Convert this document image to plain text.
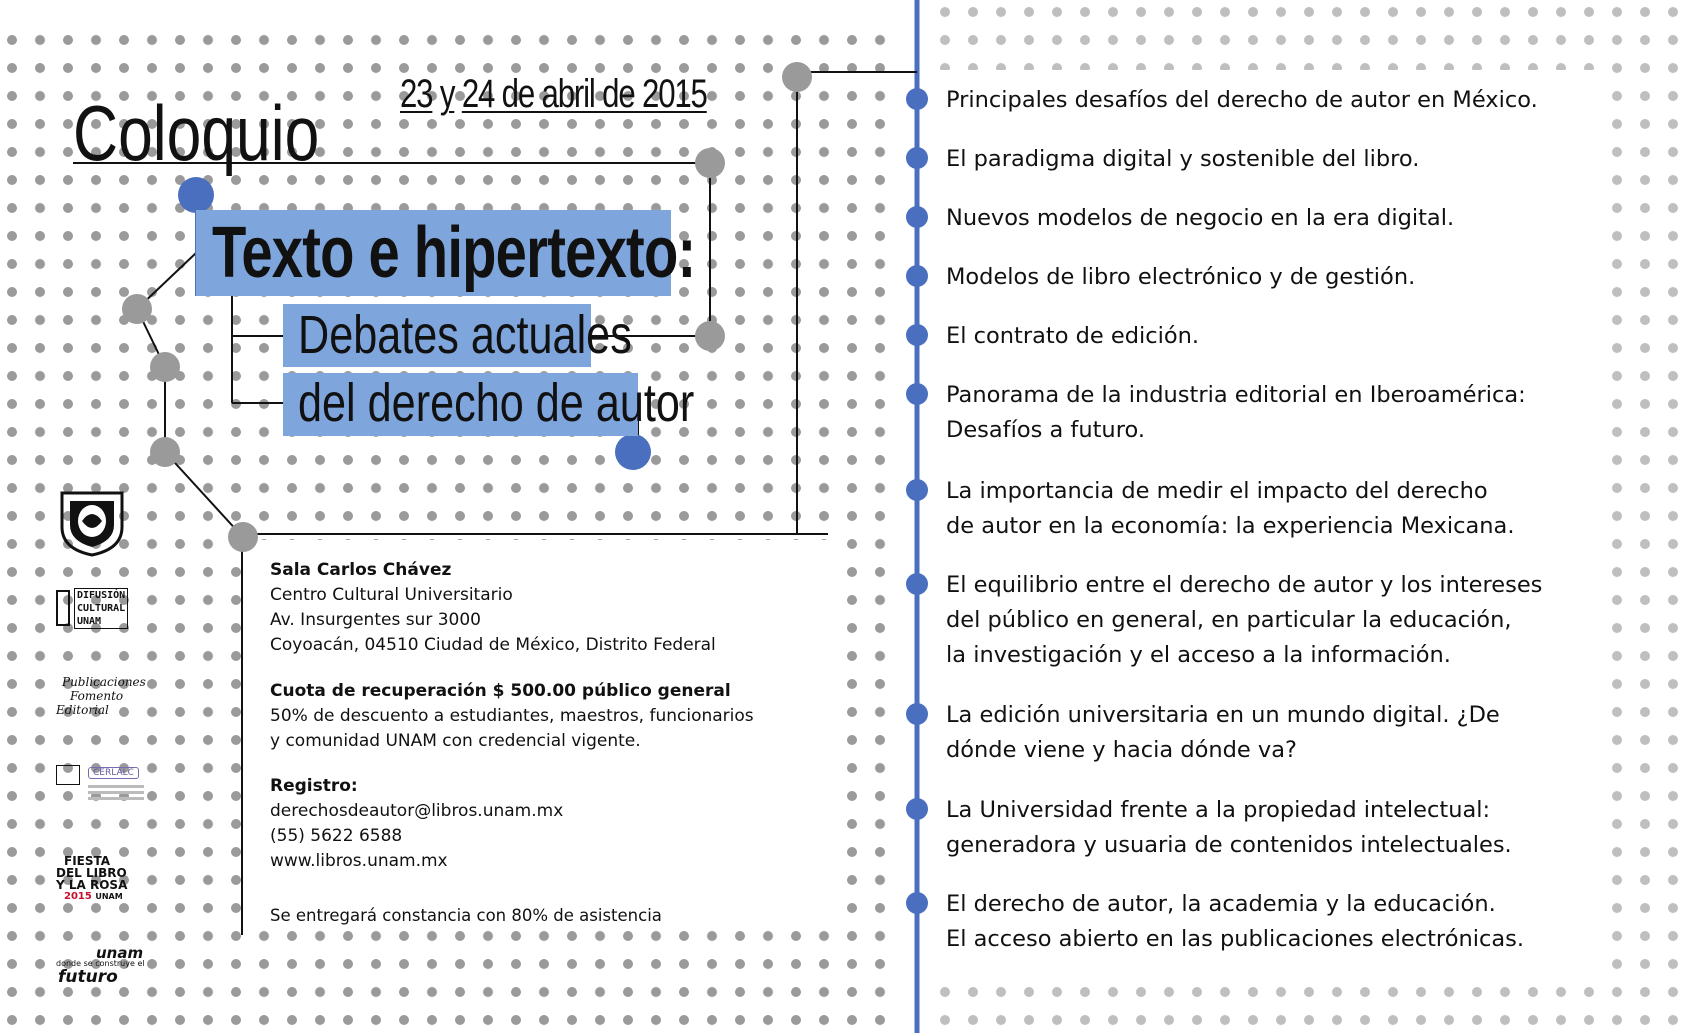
23 y 24 de abril de 2015
Coloquio
Texto e hipertexto:
Debates actuales
del derecho de autor
Sala Carlos Chávez
Centro Cultural Universitario
Av. Insurgentes sur 3000
Coyoacán, 04510 Ciudad de México, Distrito Federal
Cuota de recuperación $ 500.00 público general
50% de descuento a estudiantes, maestros, funcionarios
y comunidad UNAM con credencial vigente.
Registro:
derechosdeautor@libros.unam.mx
(55) 5622 6588
www.libros.unam.mx
Se entregará constancia con 80% de asistencia
Principales desafíos del derecho de autor en México.
El paradigma digital y sostenible del libro.
Nuevos modelos de negocio en la era digital.
Modelos de libro electrónico y de gestión.
El contrato de edición.
Panorama de la industria editorial en Iberoamérica:
Desafíos a futuro.
La importancia de medir el impacto del derecho
de autor en la economía: la experiencia Mexicana.
El equilibrio entre el derecho de autor y los intereses
del público en general, en particular la educación,
la investigación y el acceso a la información.
La edición universitaria en un mundo digital. ¿De
dónde viene y hacia dónde va?
La Universidad frente a la propiedad intelectual:
generadora y usuaria de contenidos intelectuales.
El derecho de autor, la academia y la educación.
El acceso abierto en las publicaciones electrónicas.
DIFUSIÓN
CULTURAL
UNAM
Publicaciones
Fomento
Editorial
CERLALC
FIESTA
DEL LIBRO
Y LA ROSA
2015 UNAM
unam
donde se construye el
futuro
